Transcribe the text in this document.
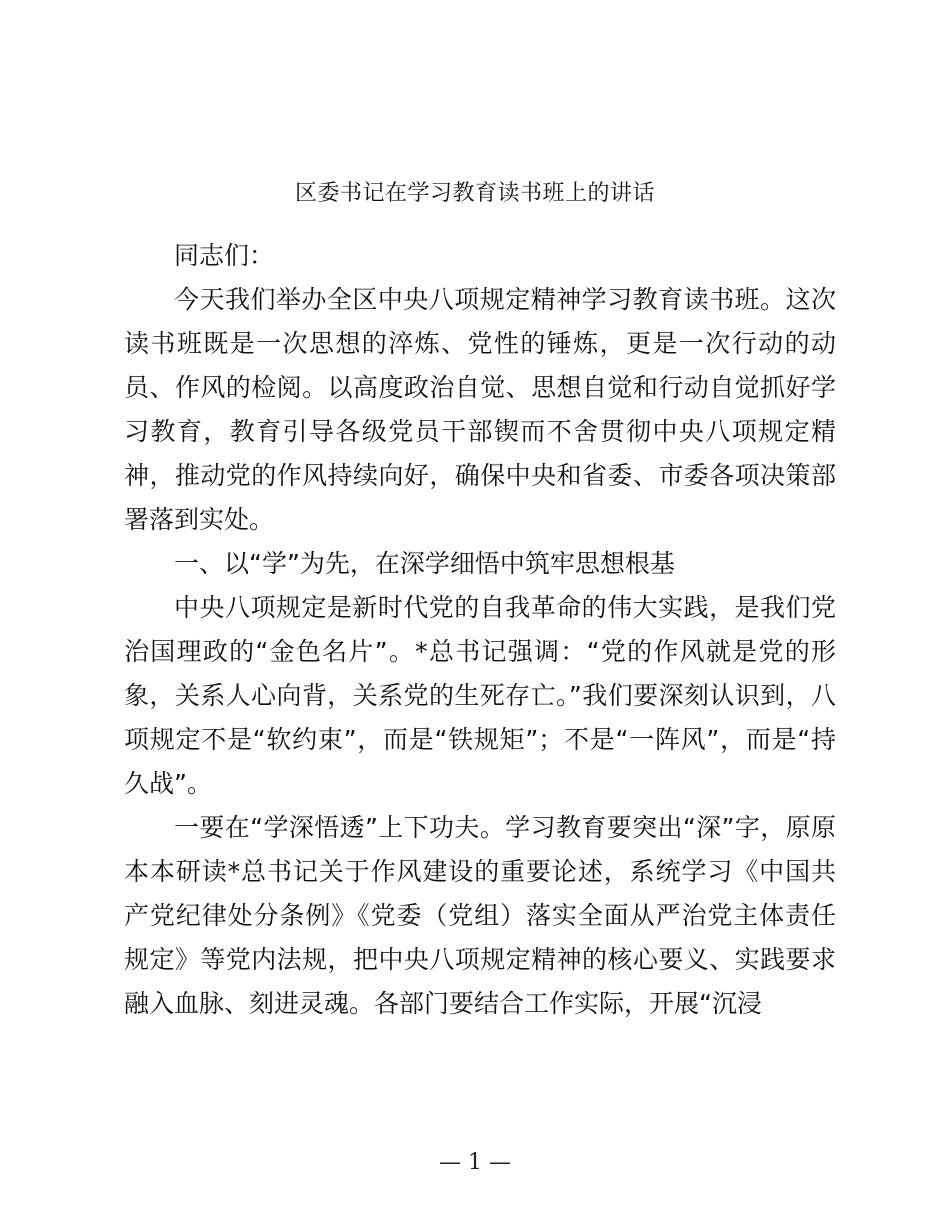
区委书记在学习教育读书班上的讲话

同志们：

今天我们举办全区中央八项规定精神学习教育读书班。这次读书班既是一次思想的淬炼、党性的锤炼，更是一次行动的动员、作风的检阅。以高度政治自觉、思想自觉和行动自觉抓好学习教育，教育引导各级党员干部锲而不舍贯彻中央八项规定精神，推动党的作风持续向好，确保中央和省委、市委各项决策部署落到实处。

一、以“学”为先，在深学细悟中筑牢思想根基

中央八项规定是新时代党的自我革命的伟大实践，是我们党治国理政的“金色名片”。*总书记强调：“党的作风就是党的形象，关系人心向背，关系党的生死存亡。”我们要深刻认识到，八项规定不是“软约束”，而是“铁规矩”；不是“一阵风”，而是“持久战”。

一要在“学深悟透”上下功夫。学习教育要突出“深”字，原原本本研读*总书记关于作风建设的重要论述，系统学习《中国共产党纪律处分条例》《党委（党组）落实全面从严治党主体责任规定》等党内法规，把中央八项规定精神的核心要义、实践要求融入血脉、刻进灵魂。各部门要结合工作实际，开展“沉浸

— 1 —
